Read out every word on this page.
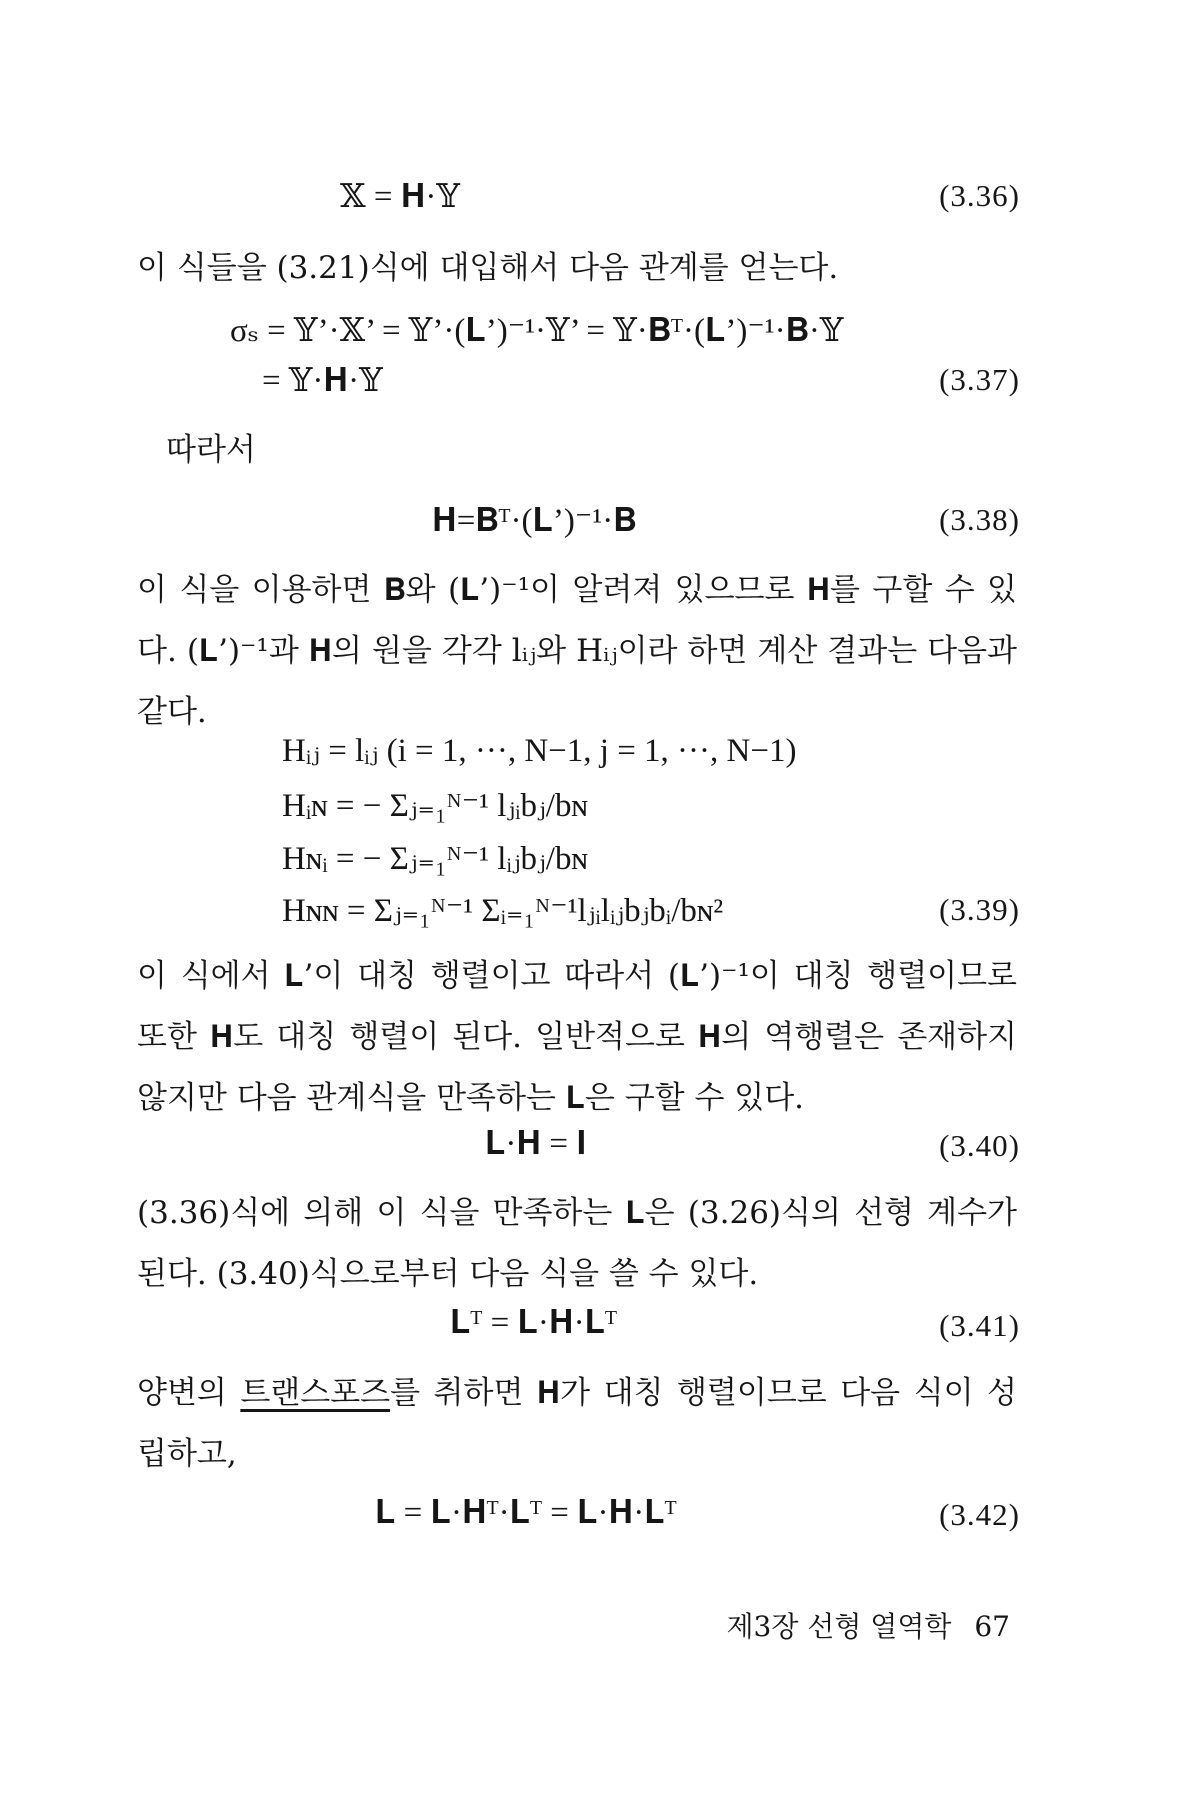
𝕏 = 𝐇·𝕐	(3.36)
이 식들을 (3.21)식에 대입해서 다음 관계를 얻는다.
σₛ = 𝕐’·𝕏’ = 𝕐’·(𝐋’)⁻¹·𝕐’ = 𝕐·𝐁ᵀ·(𝐋’)⁻¹·𝐁·𝕐
= 𝕐·𝐇·𝕐	(3.37)
따라서
𝐇=𝐁ᵀ·(𝐋’)⁻¹·𝐁	(3.38)
이 식을 이용하면 𝐁와 (𝐋’)⁻¹이 알려져 있으므로 𝐇를 구할 수 있다. (𝐋’)⁻¹과 𝐇의 원을 각각 lᵢⱼ와 Hᵢⱼ이라 하면 계산 결과는 다음과 같다.
Hᵢⱼ = lᵢⱼ (i = 1, ···, N−1, j = 1, ···, N−1)
Hᵢɴ = − Σⱼ₌₁ᴺ⁻¹ lⱼᵢbⱼ/bɴ
Hɴᵢ = − Σⱼ₌₁ᴺ⁻¹ lᵢⱼbⱼ/bɴ
Hɴɴ = Σⱼ₌₁ᴺ⁻¹ Σᵢ₌₁ᴺ⁻¹lⱼᵢlᵢⱼbⱼbᵢ/bɴ²	(3.39)
이 식에서 𝐋’이 대칭 행렬이고 따라서 (𝐋’)⁻¹이 대칭 행렬이므로 또한 𝐇도 대칭 행렬이 된다. 일반적으로 𝐇의 역행렬은 존재하지 않지만 다음 관계식을 만족하는 𝐋은 구할 수 있다.
𝐋·𝐇 = 𝐈	(3.40)
(3.36)식에 의해 이 식을 만족하는 𝐋은 (3.26)식의 선형 계수가 된다. (3.40)식으로부터 다음 식을 쓸 수 있다.
𝐋ᵀ = 𝐋·𝐇·𝐋ᵀ	(3.41)
양변의 트랜스포즈를 취하면 𝐇가 대칭 행렬이므로 다음 식이 성립하고,
𝐋 = 𝐋·𝐇ᵀ·𝐋ᵀ = 𝐋·𝐇·𝐋ᵀ	(3.42)
제3장 선형 열역학 67
